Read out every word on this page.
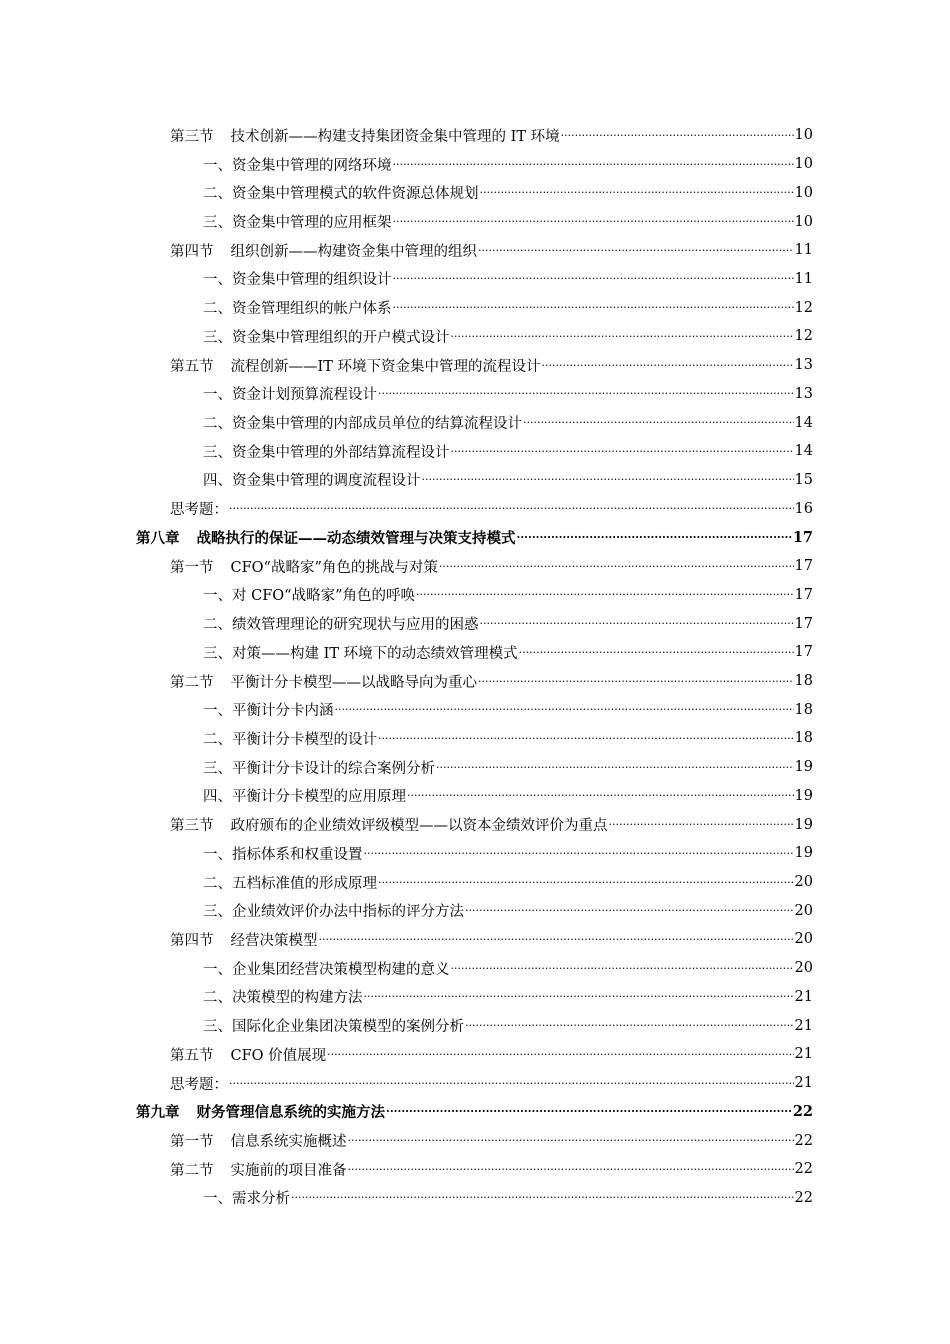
第三节 技术创新——构建支持集团资金集中管理的 IT 环境 ·····	10
一、资金集中管理的网络环境 ·····	10
二、资金集中管理模式的软件资源总体规划 ·····	10
三、资金集中管理的应用框架 ·····	10
第四节 组织创新——构建资金集中管理的组织 ·····	11
一、资金集中管理的组织设计 ·····	11
二、资金管理组织的帐户体系 ·····	12
三、资金集中管理组织的开户模式设计 ·····	12
第五节 流程创新——IT 环境下资金集中管理的流程设计 ·····	13
一、资金计划预算流程设计 ·····	13
二、资金集中管理的内部成员单位的结算流程设计 ·····	14
三、资金集中管理的外部结算流程设计 ·····	14
四、资金集中管理的调度流程设计 ·····	15
思考题： ·····	16
第八章 战略执行的保证——动态绩效管理与决策支持模式 ·····	17
第一节 CFO“战略家”角色的挑战与对策 ·····	17
一、对 CFO“战略家”角色的呼唤 ·····	17
二、绩效管理理论的研究现状与应用的困惑 ·····	17
三、对策——构建 IT 环境下的动态绩效管理模式 ·····	17
第二节 平衡计分卡模型——以战略导向为重心 ·····	18
一、平衡计分卡内涵 ·····	18
二、平衡计分卡模型的设计 ·····	18
三、平衡计分卡设计的综合案例分析 ·····	19
四、平衡计分卡模型的应用原理 ·····	19
第三节 政府颁布的企业绩效评级模型——以资本金绩效评价为重点 ·····	19
一、指标体系和权重设置 ·····	19
二、五档标准值的形成原理 ·····	20
三、企业绩效评价办法中指标的评分方法 ·····	20
第四节 经营决策模型 ·····	20
一、企业集团经营决策模型构建的意义 ·····	20
二、决策模型的构建方法 ·····	21
三、国际化企业集团决策模型的案例分析 ·····	21
第五节 CFO 价值展现 ·····	21
思考题： ·····	21
第九章 财务管理信息系统的实施方法 ·····	22
第一节 信息系统实施概述 ·····	22
第二节 实施前的项目准备 ·····	22
一、需求分析 ·····	22
